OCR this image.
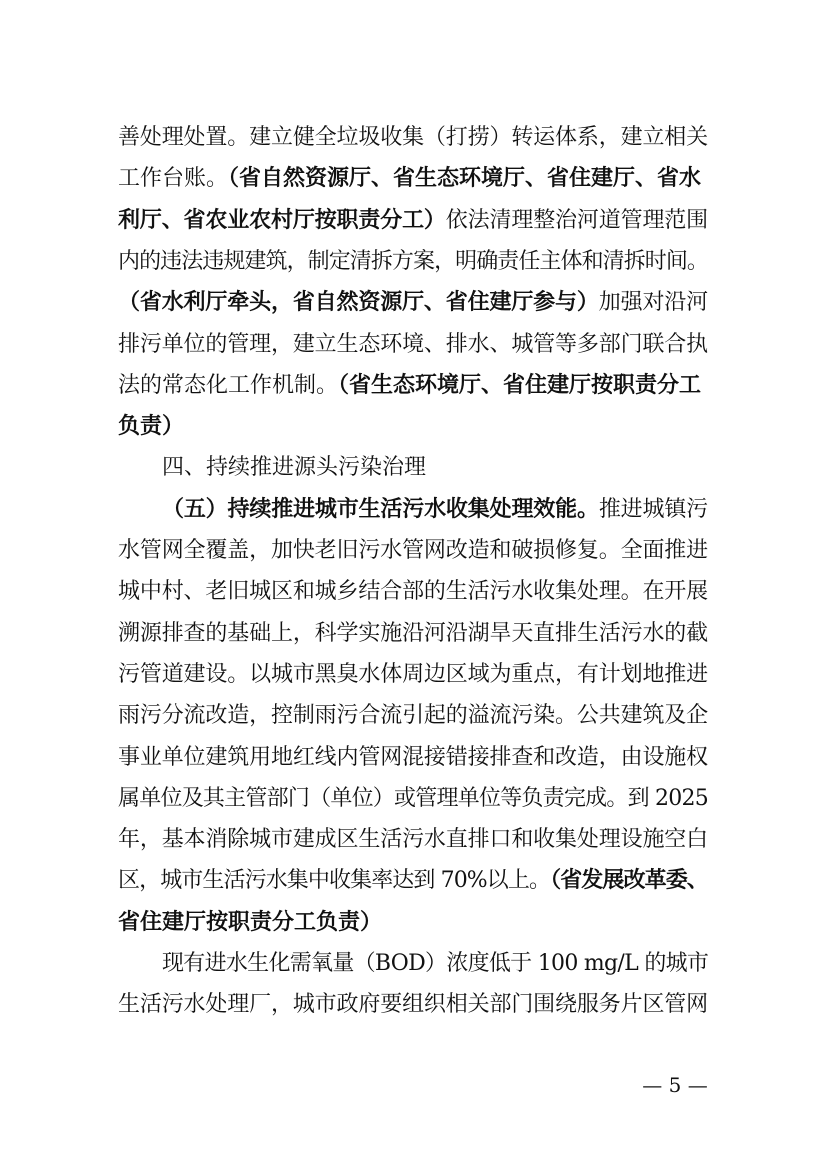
善处理处置。建立健全垃圾收集（打捞）转运体系，建立相关
工作台账。（省自然资源厅、省生态环境厅、省住建厅、省水
利厅、省农业农村厅按职责分工）依法清理整治河道管理范围
内的违法违规建筑，制定清拆方案，明确责任主体和清拆时间。
（省水利厅牵头，省自然资源厅、省住建厅参与）加强对沿河
排污单位的管理，建立生态环境、排水、城管等多部门联合执
法的常态化工作机制。（省生态环境厅、省住建厅按职责分工
负责）
四、持续推进源头污染治理
（五）持续推进城市生活污水收集处理效能。推进城镇污
水管网全覆盖，加快老旧污水管网改造和破损修复。全面推进
城中村、老旧城区和城乡结合部的生活污水收集处理。在开展
溯源排查的基础上，科学实施沿河沿湖旱天直排生活污水的截
污管道建设。以城市黑臭水体周边区域为重点，有计划地推进
雨污分流改造，控制雨污合流引起的溢流污染。公共建筑及企
事业单位建筑用地红线内管网混接错接排查和改造，由设施权
属单位及其主管部门（单位）或管理单位等负责完成。到 2025
年，基本消除城市建成区生活污水直排口和收集处理设施空白
区，城市生活污水集中收集率达到 70%以上。（省发展改革委、
省住建厅按职责分工负责）
现有进水生化需氧量（BOD）浓度低于 100 mg/L 的城市
生活污水处理厂，城市政府要组织相关部门围绕服务片区管网
— 5 —
